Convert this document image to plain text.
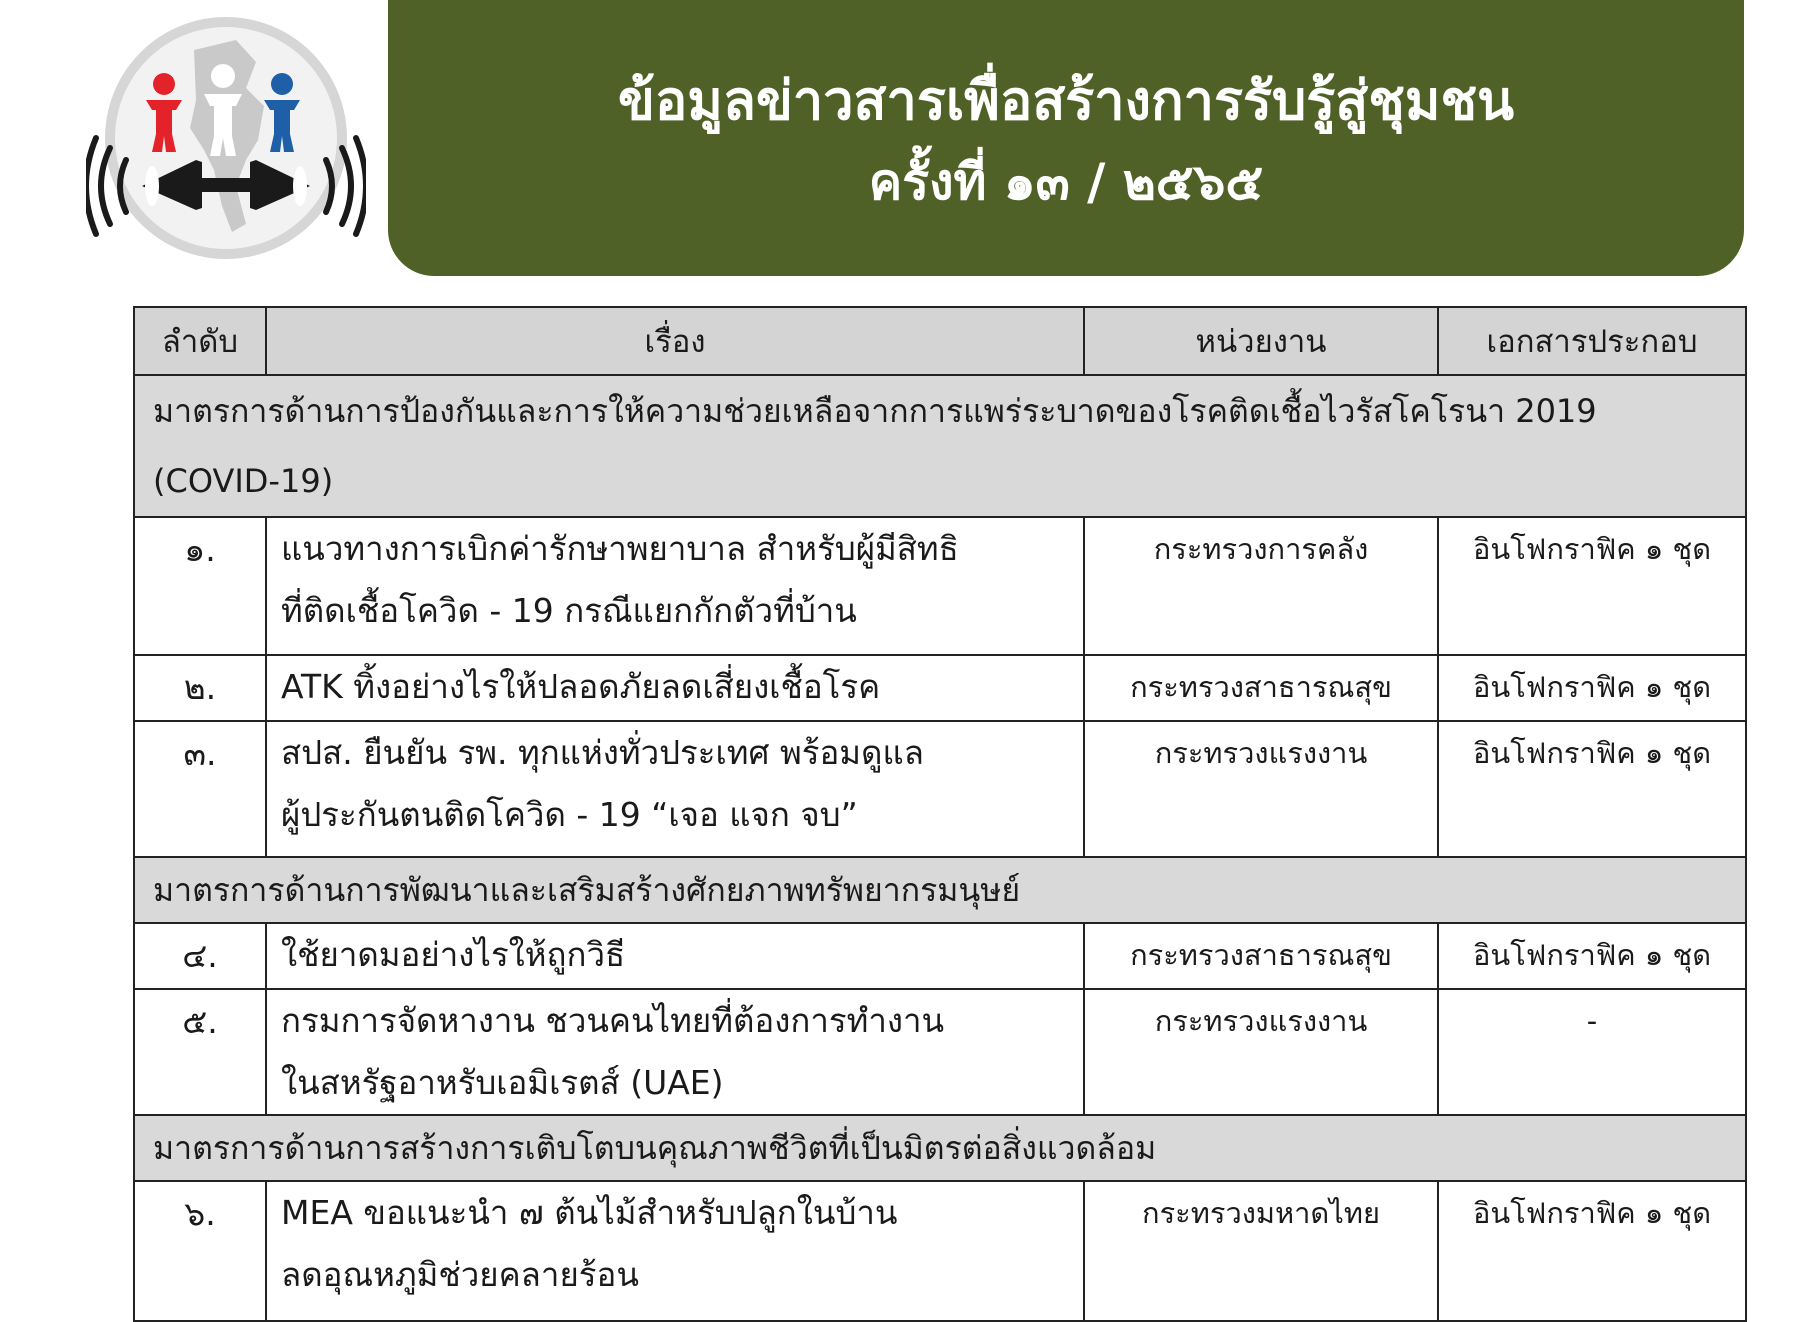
ข้อมูลข่าวสารเพื่อสร้างการรับรู้สู่ชุมชน
ครั้งที่ ๑๓ / ๒๕๖๕
ลำดับ	เรื่อง	หน่วยงาน	เอกสารประกอบ
มาตรการด้านการป้องกันและการให้ความช่วยเหลือจากการแพร่ระบาดของโรคติดเชื้อไวรัสโคโรนา 2019 (COVID-19)			
๑.	แนวทางการเบิกค่ารักษาพยาบาล สำหรับผู้มีสิทธิ
ที่ติดเชื้อโควิด - 19 กรณีแยกกักตัวที่บ้าน	กระทรวงการคลัง	อินโฟกราฟิค ๑ ชุด
๒.	ATK ทิ้งอย่างไรให้ปลอดภัยลดเสี่ยงเชื้อโรค	กระทรวงสาธารณสุข	อินโฟกราฟิค ๑ ชุด
๓.	สปส. ยืนยัน รพ. ทุกแห่งทั่วประเทศ พร้อมดูแล
ผู้ประกันตนติดโควิด - 19 “เจอ แจก จบ”	กระทรวงแรงงาน	อินโฟกราฟิค ๑ ชุด
มาตรการด้านการพัฒนาและเสริมสร้างศักยภาพทรัพยากรมนุษย์			
๔.	ใช้ยาดมอย่างไรให้ถูกวิธี	กระทรวงสาธารณสุข	อินโฟกราฟิค ๑ ชุด
๕.	กรมการจัดหางาน ชวนคนไทยที่ต้องการทำงาน
ในสหรัฐอาหรับเอมิเรตส์ (UAE)	กระทรวงแรงงาน	-
มาตรการด้านการสร้างการเติบโตบนคุณภาพชีวิตที่เป็นมิตรต่อสิ่งแวดล้อม			
๖.	MEA ขอแนะนำ ๗ ต้นไม้สำหรับปลูกในบ้าน
ลดอุณหภูมิช่วยคลายร้อน	กระทรวงมหาดไทย	อินโฟกราฟิค ๑ ชุด
